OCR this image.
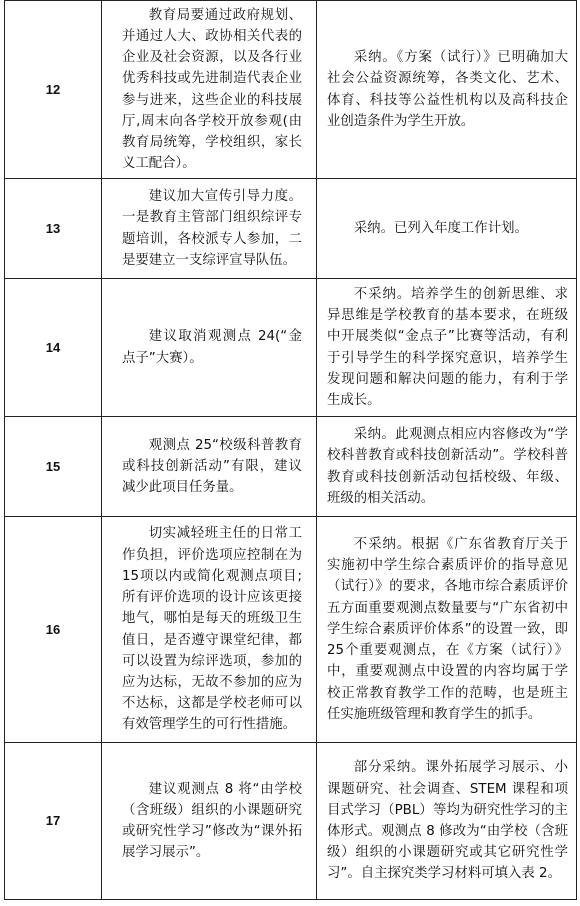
12	教育局要通过政府规划、并通过人大、政协相关代表的企业及社会资源，以及各行业优秀科技或先进制造代表企业参与进来，这些企业的科技展厅,周末向各学校开放参观(由教育局统筹，学校组织，家长义工配合）。	采纳。《方案（试行）》已明确加大社会公益资源统筹，各类文化、艺术、体育、科技等公益性机构以及高科技企业创造条件为学生开放。
13	建议加大宣传引导力度。一是教育主管部门组织综评专题培训，各校派专人参加，二是要建立一支综评宣导队伍。	采纳。已列入年度工作计划。
14	建议取消观测点 24(“金点子”大赛）。	不采纳。培养学生的创新思维、求异思维是学校教育的基本要求，在班级中开展类似“金点子”比赛等活动，有利于引导学生的科学探究意识，培养学生发现问题和解决问题的能力，有利于学生成长。
15	观测点 25“校级科普教育或科技创新活动”有限，建议减少此项目任务量。	采纳。此观测点相应内容修改为“学校科普教育或科技创新活动”。学校科普教育或科技创新活动包括校级、年级、班级的相关活动。
16	切实减轻班主任的日常工作负担，评价选项应控制在为15项以内或简化观测点项目;所有评价选项的设计应该更接地气，哪怕是每天的班级卫生值日，是否遵守课堂纪律，都可以设置为综评选项，参加的应为达标，无故不参加的应为不达标，这都是学校老师可以有效管理学生的可行性措施。	不采纳。根据《广东省教育厅关于实施初中学生综合素质评价的指导意见（试行）》的要求，各地市综合素质评价五方面重要观测点数量要与“广东省初中学生综合素质评价体系”的设置一致，即25个重要观测点，在《方案（试行）》中，重要观测点中设置的内容均属于学校正常教育教学工作的范畴，也是班主任实施班级管理和教育学生的抓手。
17	建议观测点 8 将“由学校（含班级）组织的小课题研究或研究性学习”修改为“课外拓展学习展示”。	部分采纳。课外拓展学习展示、小课题研究、社会调查、STEM 课程和项目式学习（PBL）等均为研究性学习的主体形式。观测点 8 修改为“由学校（含班级）组织的小课题研究或其它研究性学习”。自主探究类学习材料可填入表 2。
